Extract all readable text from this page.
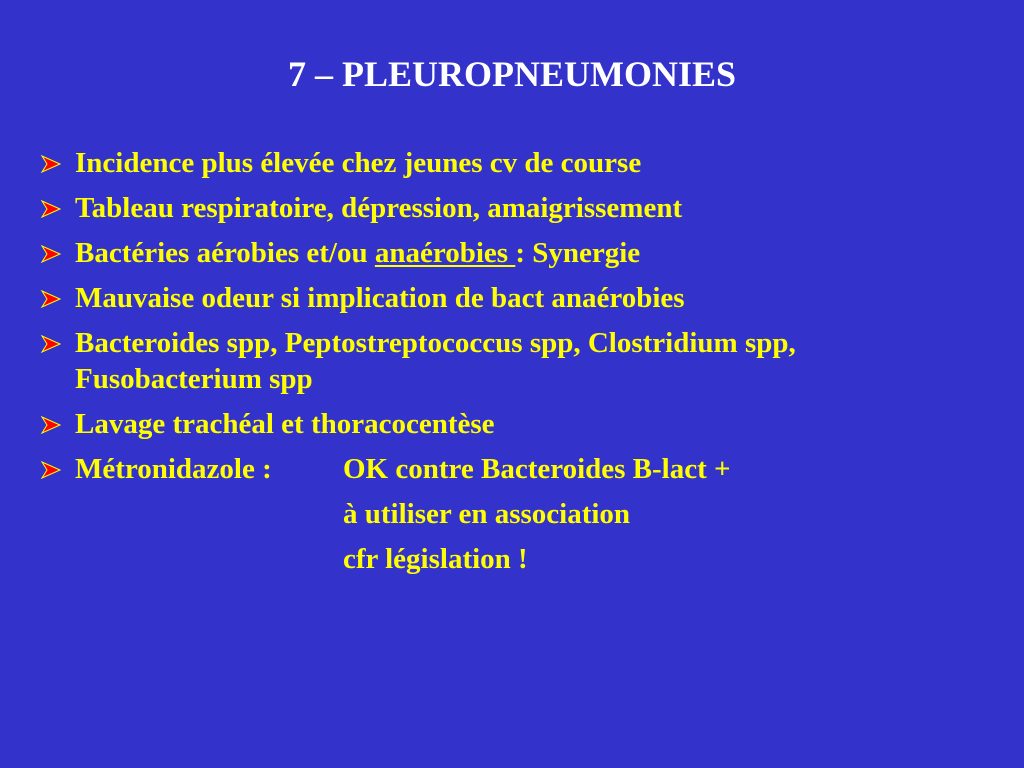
7 – PLEUROPNEUMONIES
Incidence plus élevée chez jeunes cv de course
Tableau respiratoire, dépression, amaigrissement
Bactéries aérobies et/ou anaérobies : Synergie
Mauvaise odeur si implication de bact anaérobies
Bacteroides spp, Peptostreptococcus spp, Clostridium spp,
Fusobacterium spp
Lavage trachéal et thoracocentèse
Métronidazole : OK contre Bacteroides B-lact +
à utiliser en association
cfr législation !
